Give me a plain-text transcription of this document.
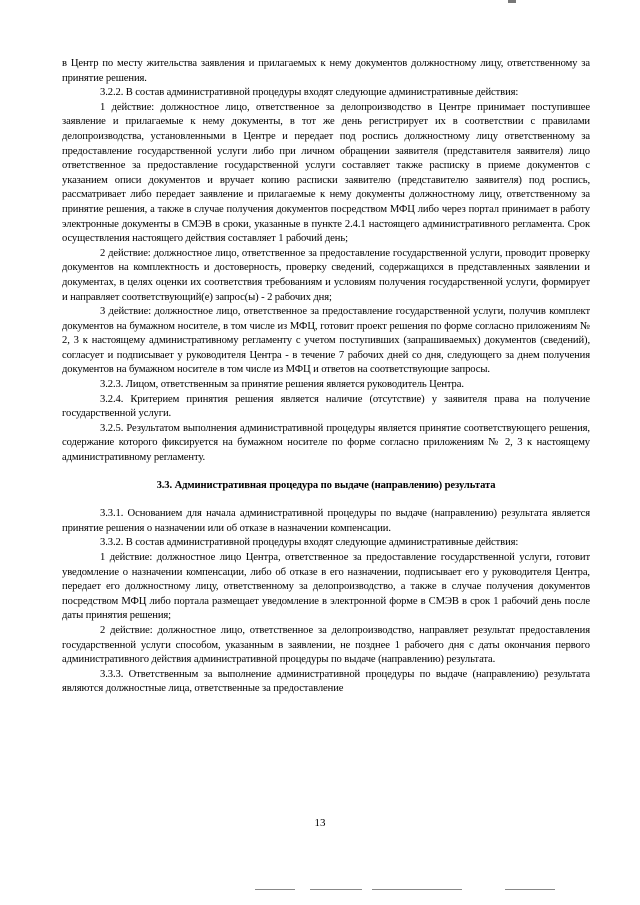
в Центр по месту жительства заявления и прилагаемых к нему документов должностному лицу, ответственному за принятие решения.

3.2.2. В состав административной процедуры входят следующие административные действия:

1 действие: должностное лицо, ответственное за делопроизводство в Центре принимает поступившее заявление и прилагаемые к нему документы, в тот же день регистрирует их в соответствии с правилами делопроизводства, установленными в Центре и передает под роспись должностному лицу ответственному за предоставление государственной услуги либо при личном обращении заявителя (представителя заявителя) лицо ответственное за предоставление государственной услуги составляет также расписку в приеме документов с указанием описи документов и вручает копию расписки заявителю (представителю заявителя) под роспись, рассматривает либо передает заявление и прилагаемые к нему документы должностному лицу, ответственному за принятие решения, а также в случае получения документов посредством МФЦ либо через портал принимает в работу электронные документы в СМЭВ в сроки, указанные в пункте 2.4.1 настоящего административного регламента. Срок осуществления настоящего действия составляет 1 рабочий день;

2 действие: должностное лицо, ответственное за предоставление государственной услуги, проводит проверку документов на комплектность и достоверность, проверку сведений, содержащихся в представленных заявлении и документах, в целях оценки их соответствия требованиям и условиям получения государственной услуги, формирует и направляет соответствующий(е) запрос(ы) - 2 рабочих дня;

3 действие: должностное лицо, ответственное за предоставление государственной услуги, получив комплект документов на бумажном носителе, в том числе из МФЦ, готовит проект решения по форме согласно приложениям № 2, 3 к настоящему административному регламенту с учетом поступивших (запрашиваемых) документов (сведений), согласует и подписывает у руководителя Центра - в течение 7 рабочих дней со дня, следующего за днем получения документов на бумажном носителе в том числе из МФЦ и ответов на соответствующие запросы.

3.2.3. Лицом, ответственным за принятие решения является руководитель Центра.

3.2.4. Критерием принятия решения является наличие (отсутствие) у заявителя права на получение государственной услуги.

3.2.5. Результатом выполнения административной процедуры является принятие соответствующего решения, содержание которого фиксируется на бумажном носителе по форме согласно приложениям № 2, 3 к настоящему административному регламенту.

3.3. Административная процедура по выдаче (направлению) результата

3.3.1. Основанием для начала административной процедуры по выдаче (направлению) результата является принятие решения о назначении или об отказе в назначении компенсации.

3.3.2. В состав административной процедуры входят следующие административные действия:

1 действие: должностное лицо Центра, ответственное за предоставление государственной услуги, готовит уведомление о назначении компенсации, либо об отказе в его назначении, подписывает его у руководителя Центра, передает его должностному лицу, ответственному за делопроизводство, а также в случае получения документов посредством МФЦ либо портала размещает уведомление в электронной форме в СМЭВ в срок 1 рабочий день после даты принятия решения;

2 действие: должностное лицо, ответственное за делопроизводство, направляет результат предоставления государственной услуги способом, указанным в заявлении, не позднее 1 рабочего дня с даты окончания первого административного действия административной процедуры по выдаче (направлению) результата.

3.3.3. Ответственным за выполнение административной процедуры по выдаче (направлению) результата являются должностные лица, ответственные за предоставление

13
